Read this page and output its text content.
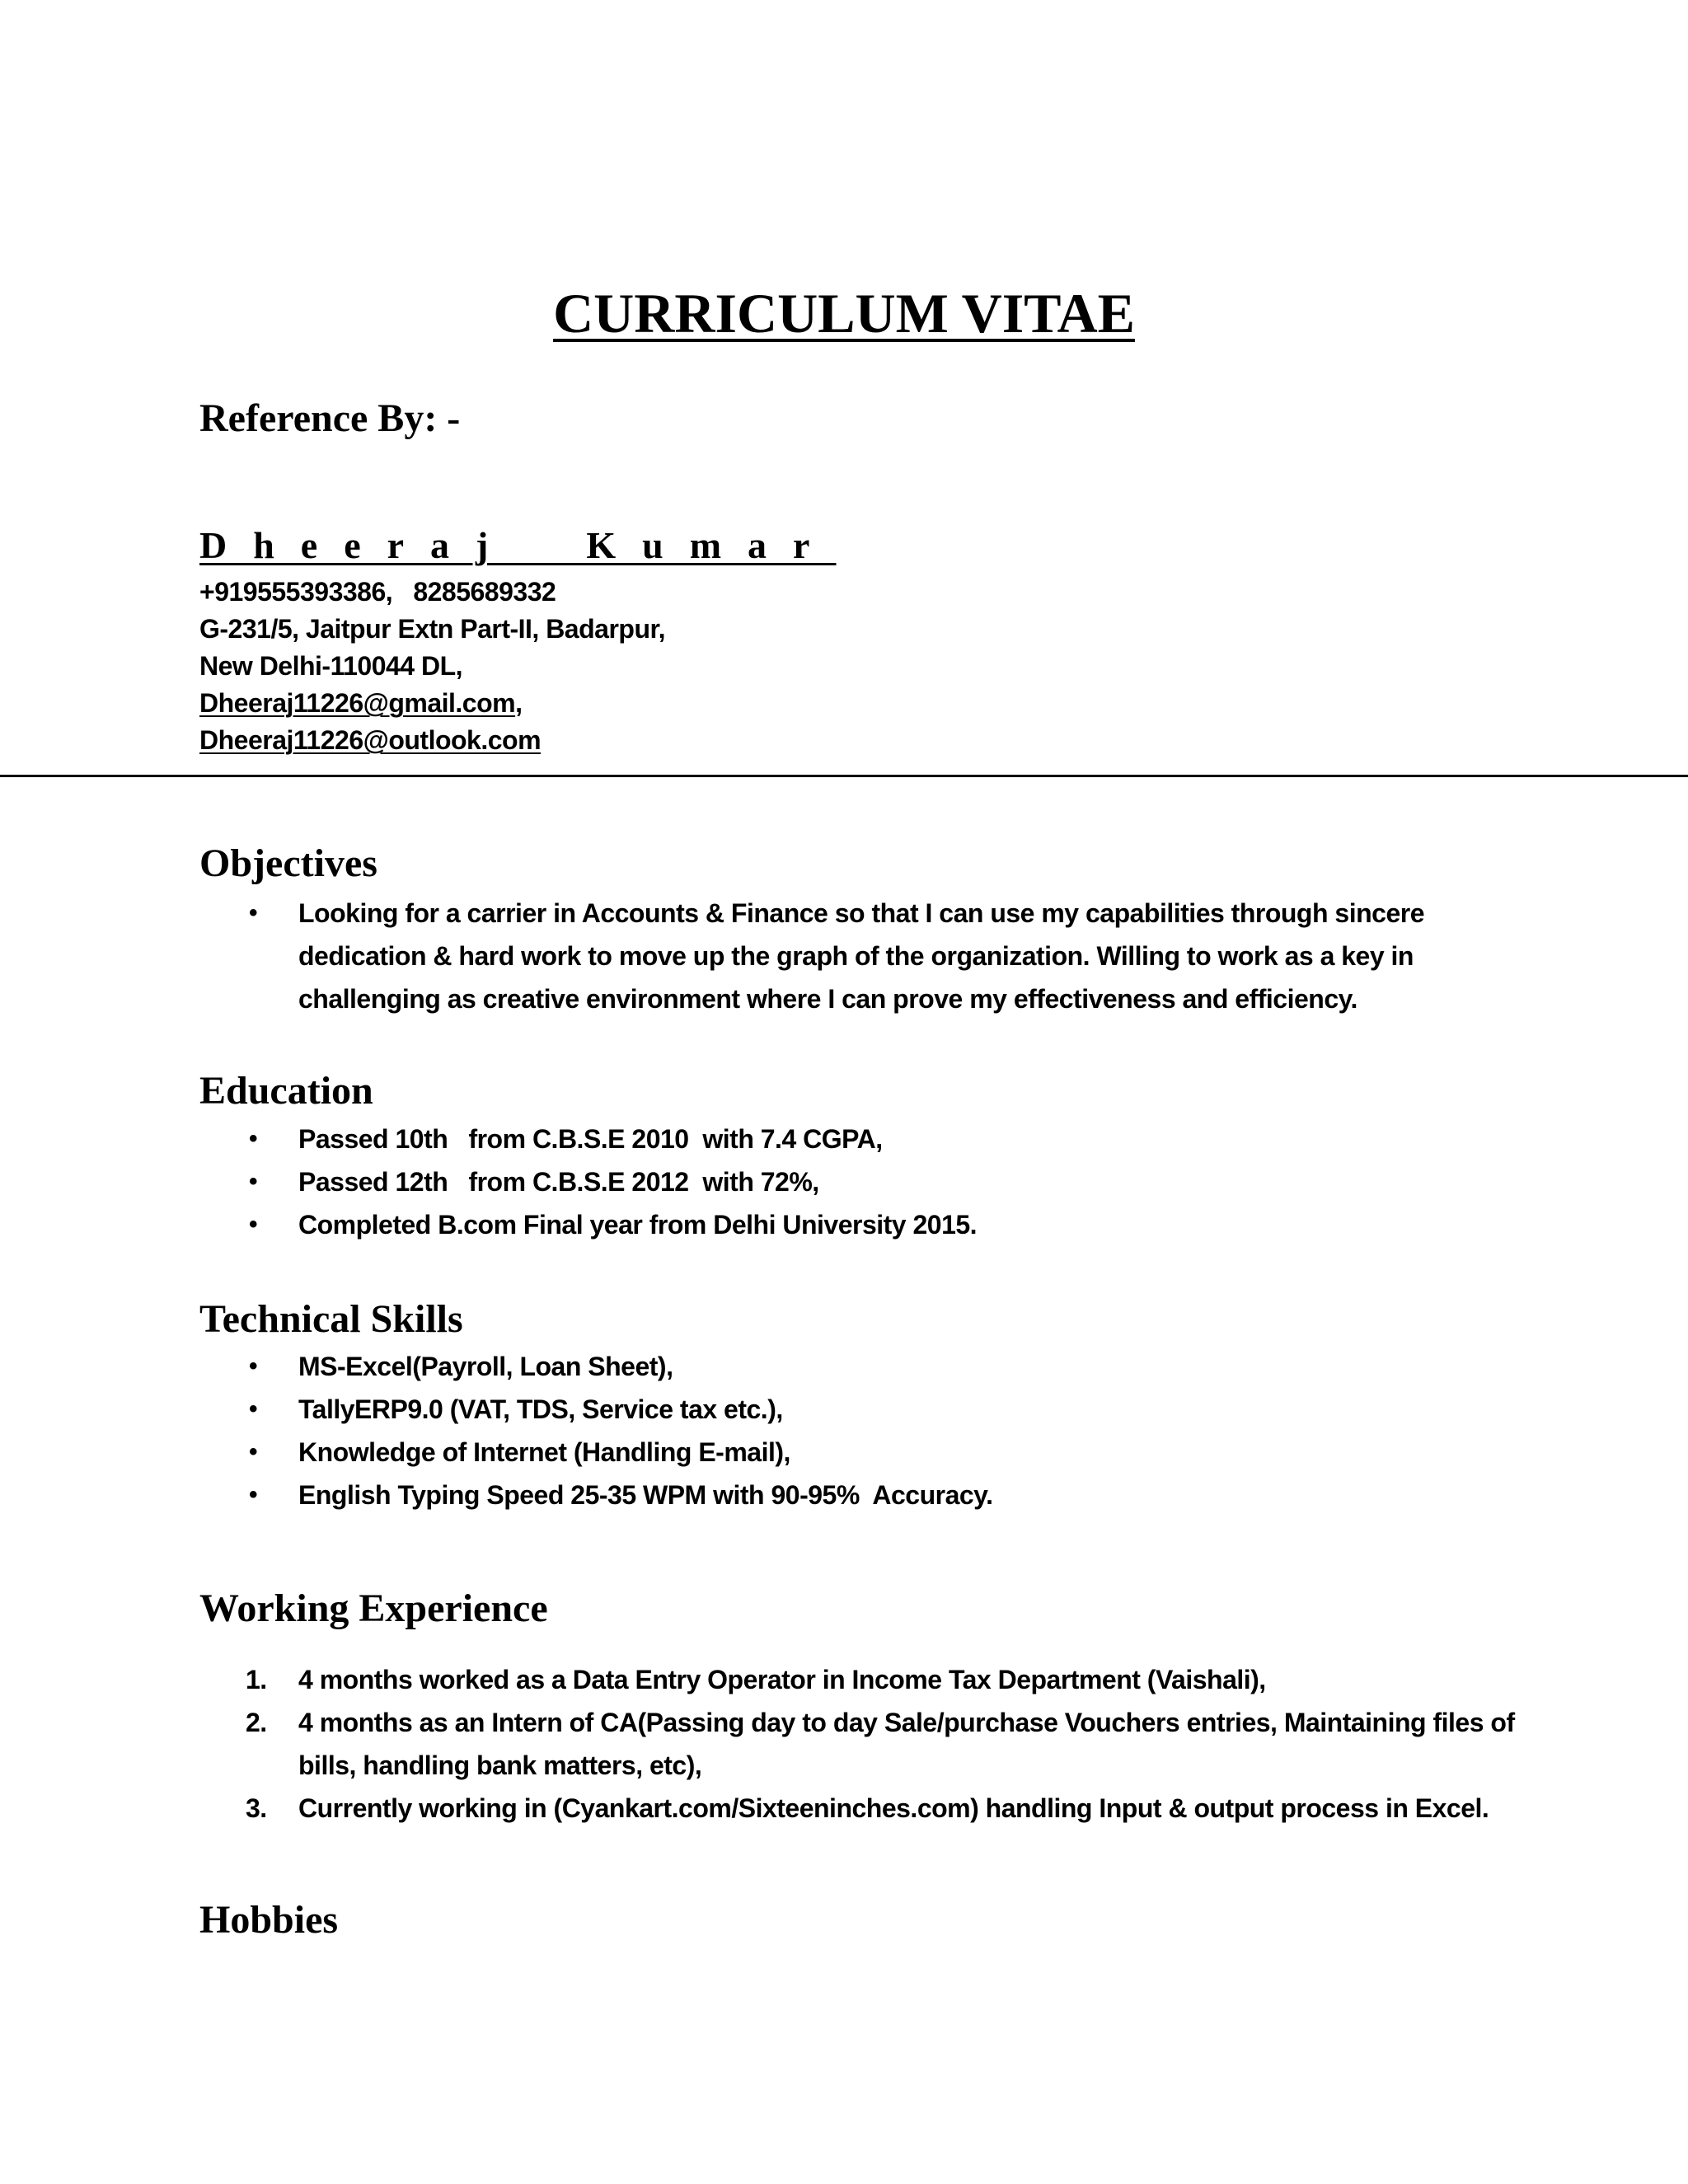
CURRICULUM VITAE
Reference By: -
Dheeraj  Kumar
+919555393386,   8285689332
G-231/5, Jaitpur Extn Part-II, Badarpur,
New Delhi-110044 DL,
Dheeraj11226@gmail.com,
Dheeraj11226@outlook.com
Objectives
• Looking for a carrier in Accounts & Finance so that I can use my capabilities through sincere dedication & hard work to move up the graph of the organization. Willing to work as a key in challenging as creative environment where I can prove my effectiveness and efficiency.
Education
• Passed 10th   from C.B.S.E 2010  with 7.4 CGPA,
• Passed 12th   from C.B.S.E 2012  with 72%,
• Completed B.com Final year from Delhi University 2015.
Technical Skills
• MS-Excel(Payroll, Loan Sheet),
• TallyERP9.0 (VAT, TDS, Service tax etc.),
• Knowledge of Internet (Handling E-mail),
• English Typing Speed 25-35 WPM with 90-95%  Accuracy.
Working Experience
1. 4 months worked as a Data Entry Operator in Income Tax Department (Vaishali),
2. 4 months as an Intern of CA(Passing day to day Sale/purchase Vouchers entries, Maintaining files of bills, handling bank matters, etc),
3. Currently working in (Cyankart.com/Sixteeninches.com) handling Input & output process in Excel.
Hobbies
